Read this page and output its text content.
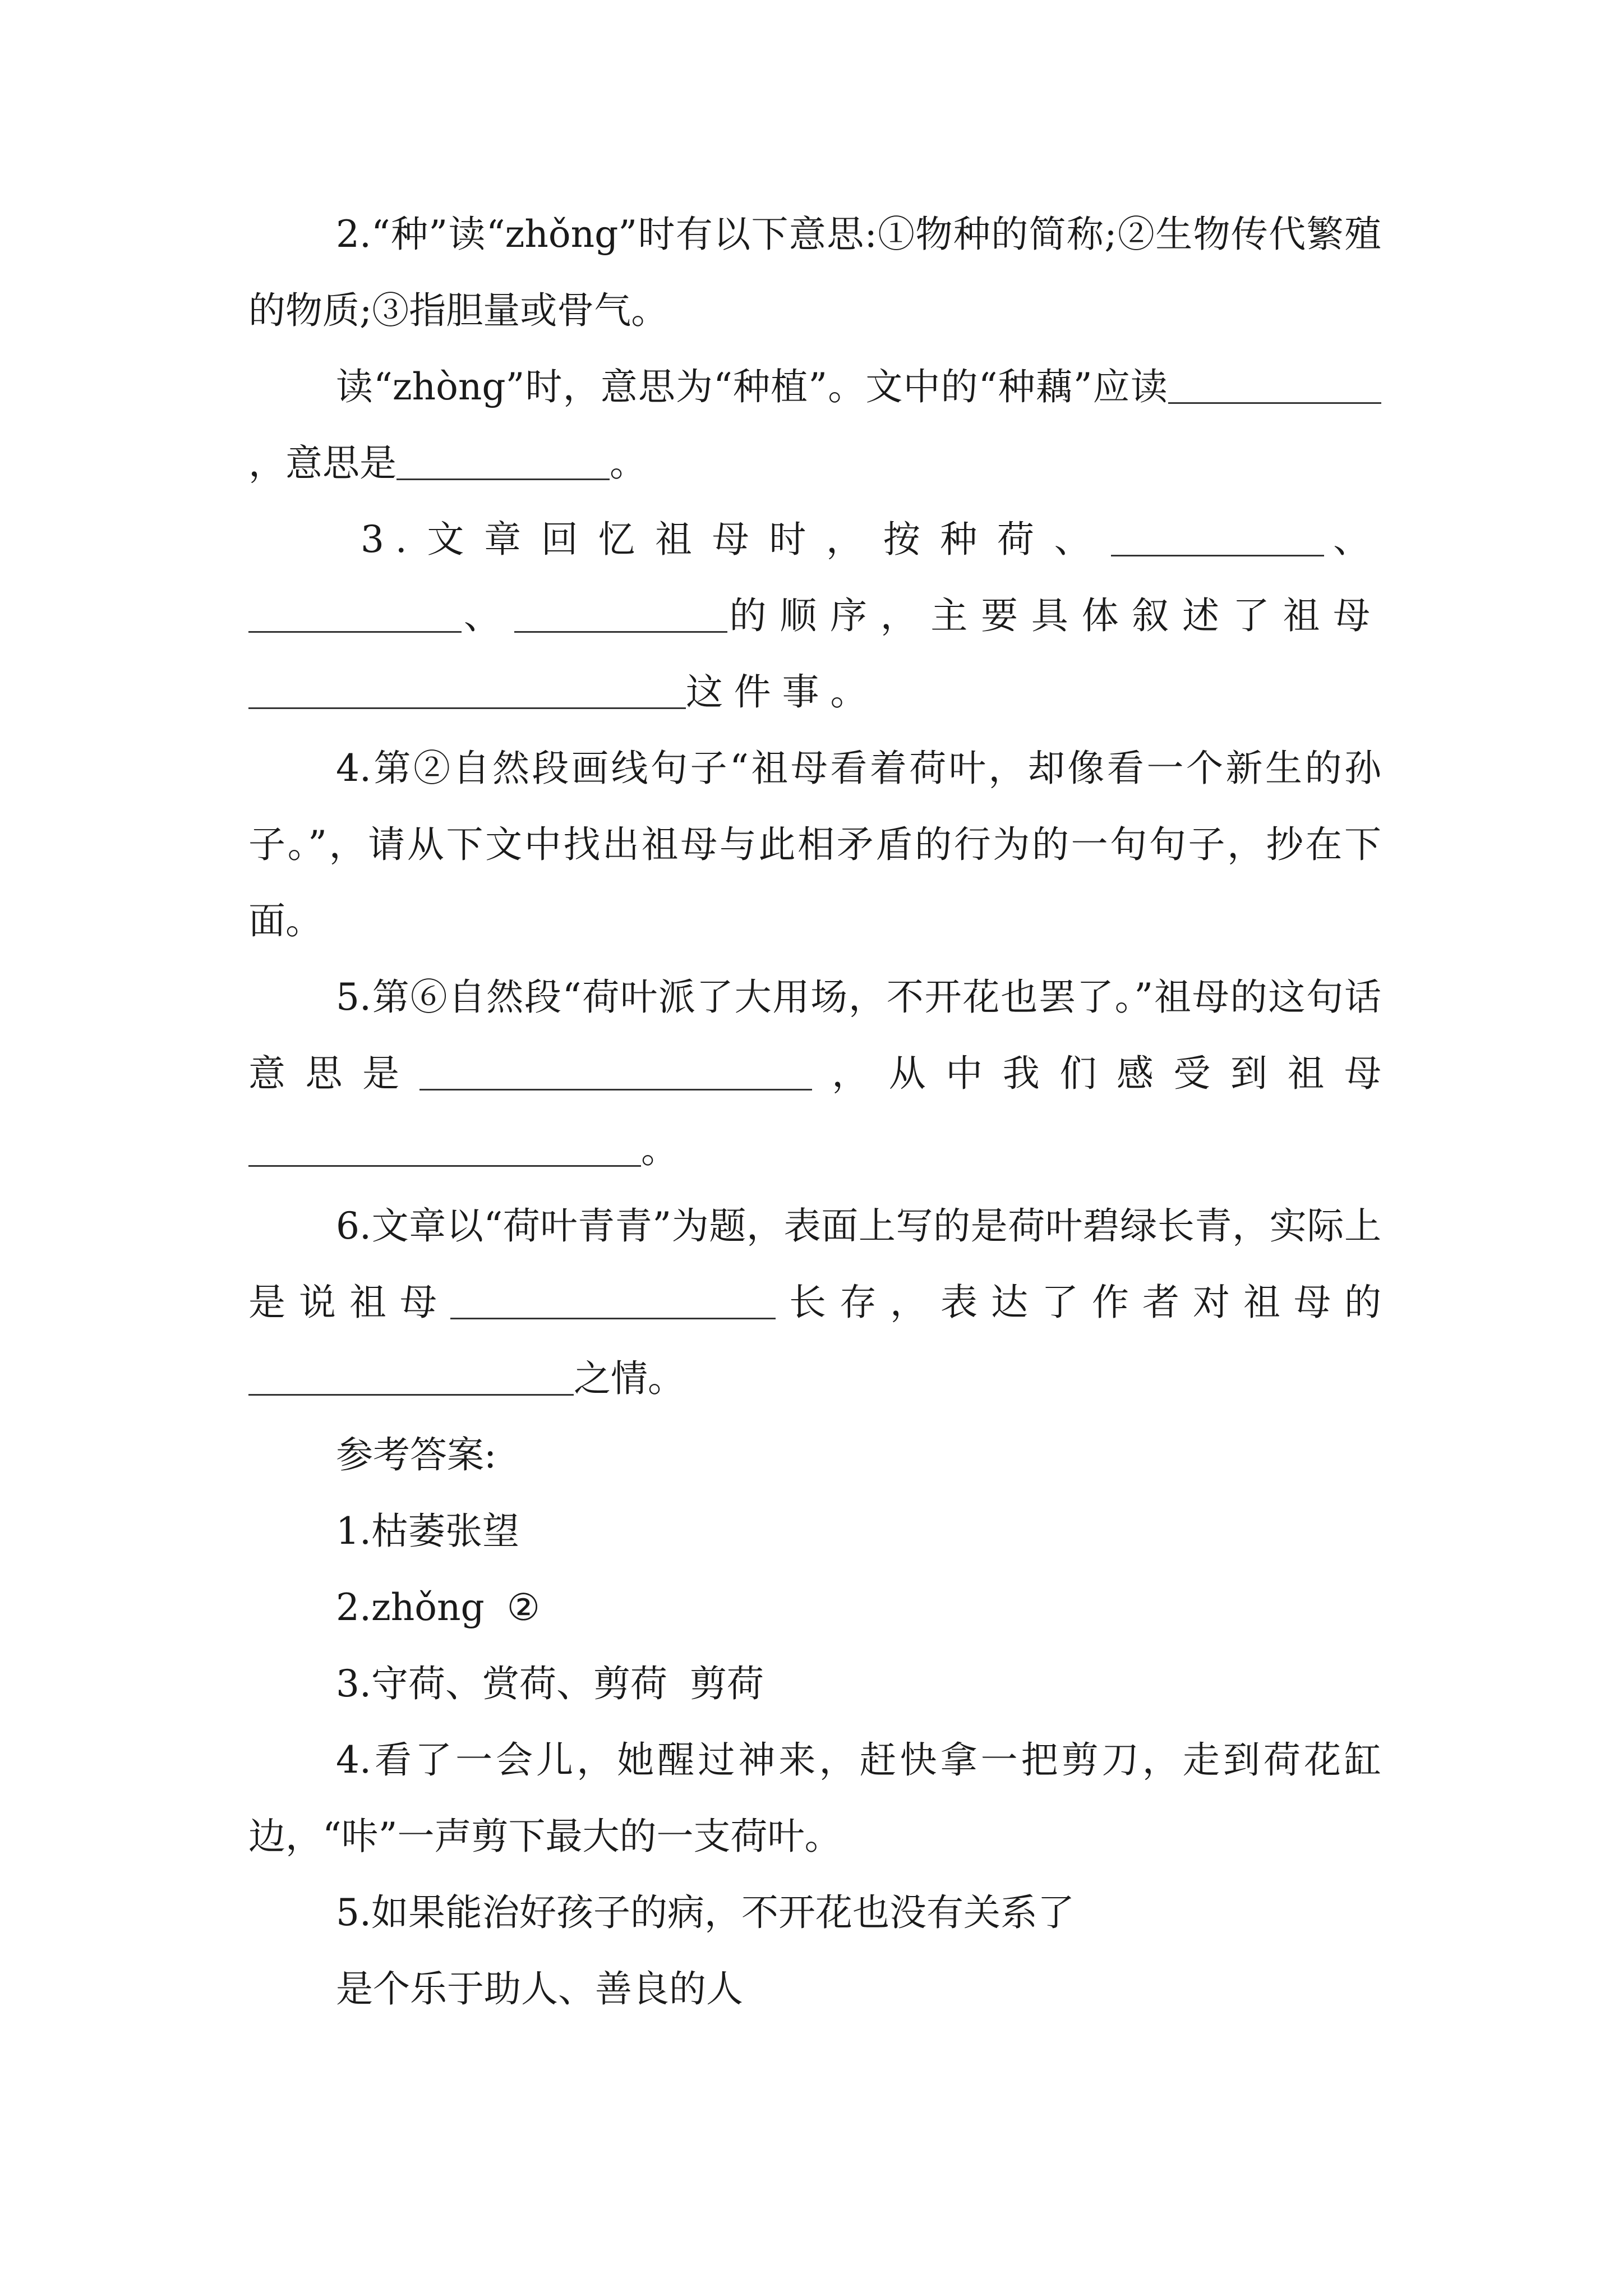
2.“种”读“zhǒng”时有以下意思:①物种的简称;②生物传代繁殖的物质;③指胆量或骨气。

读“zhòng”时，意思为“种植”。文中的“种藕”应读，意思是	。

3.文章回忆祖母时，按种荷、	、、	的顺序，主要具体叙述了祖母这件事。

4.第②自然段画线句子“祖母看着荷叶，却像看一个新生的孙子。”，请从下文中找出祖母与此相矛盾的行为的一句句子，抄在下面。

5.第⑥自然段“荷叶派了大用场，不开花也罢了。”祖母的这句话意思是	，从中我们感受到祖母。

6.文章以“荷叶青青”为题，表面上写的是荷叶碧绿长青，实际上是说祖母	长存，表达了作者对祖母的之情。

参考答案:

1.枯萎张望

2.zhǒng ②

3.守荷、赏荷、剪荷 剪荷

4.看了一会儿，她醒过神来，赶快拿一把剪刀，走到荷花缸边，“咔”一声剪下最大的一支荷叶。

5.如果能治好孩子的病，不开花也没有关系了

是个乐于助人、善良的人
